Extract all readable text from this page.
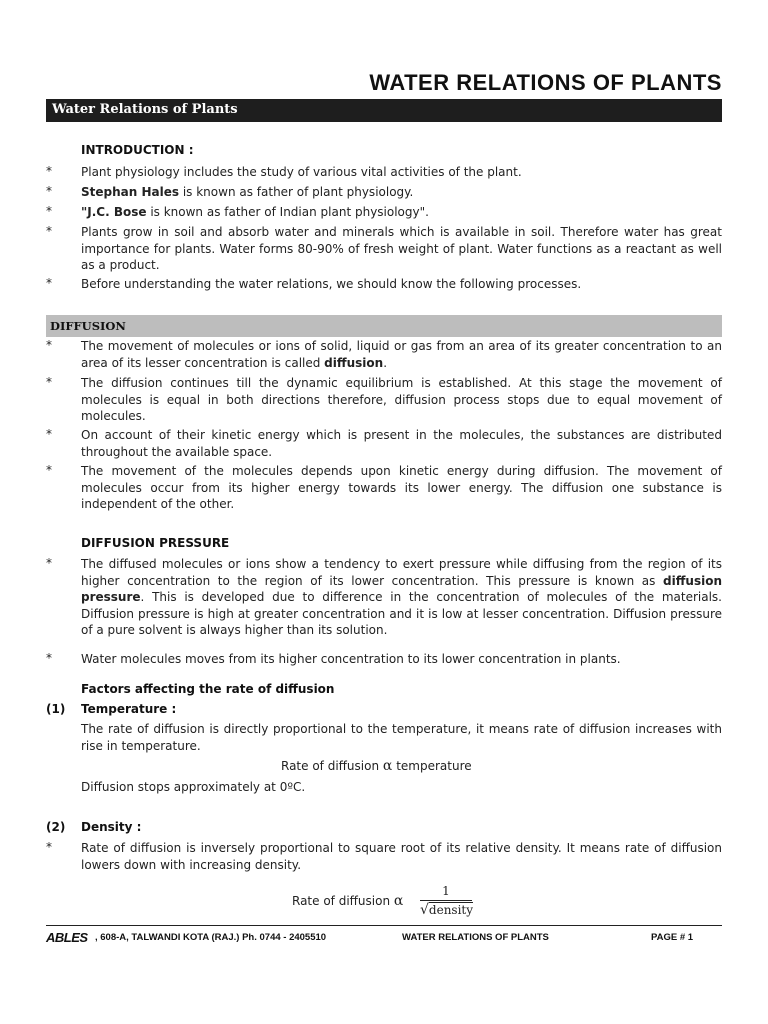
WATER RELATIONS OF PLANTS
Water Relations of Plants
INTRODUCTION :
* Plant physiology includes the study of various vital activities of the plant.
* Stephan Hales is known as father of plant physiology.
* "J.C. Bose is known as father of Indian plant physiology".
* Plants grow in soil and absorb water and minerals which is available in soil. Therefore water has great importance for plants. Water forms 80-90% of fresh weight of plant. Water functions as a reactant as well as a product.
* Before understanding the water relations, we should know the following processes.
DIFFUSION
* The movement of molecules or ions of solid, liquid or gas from an area of its greater concentration to an area of its lesser concentration is called diffusion.
* The diffusion continues till the dynamic equilibrium is established. At this stage the movement of molecules is equal in both directions therefore, diffusion process stops due to equal movement of molecules.
* On account of their kinetic energy which is present in the molecules, the substances are distributed throughout the available space.
* The movement of the molecules depends upon kinetic energy during diffusion. The movement of molecules occur from its higher energy towards its lower energy. The diffusion one substance is independent of the other.
DIFFUSION PRESSURE
* The diffused molecules or ions show a tendency to exert pressure while diffusing from the region of its higher concentration to the region of its lower concentration. This pressure is known as diffusion pressure. This is developed due to difference in the concentration of molecules of the materials. Diffusion pressure is high at greater concentration and it is low at lesser concentration. Diffusion pressure of a pure solvent is always higher than its solution.
* Water molecules moves from its higher concentration to its lower concentration in plants.
Factors affecting the rate of diffusion
(1) Temperature :
The rate of diffusion is directly proportional to the temperature, it means rate of diffusion increases with rise in temperature.
Rate of diffusion α temperature
Diffusion stops approximately at 0ºC.
(2) Density :
* Rate of diffusion is inversely proportional to square root of its relative density. It means rate of diffusion lowers down with increasing density.
Rate of diffusion α
1
√density
ABLES , 608-A, TALWANDI KOTA (RAJ.) Ph. 0744 - 2405510	WATER RELATIONS OF PLANTS	PAGE # 1
